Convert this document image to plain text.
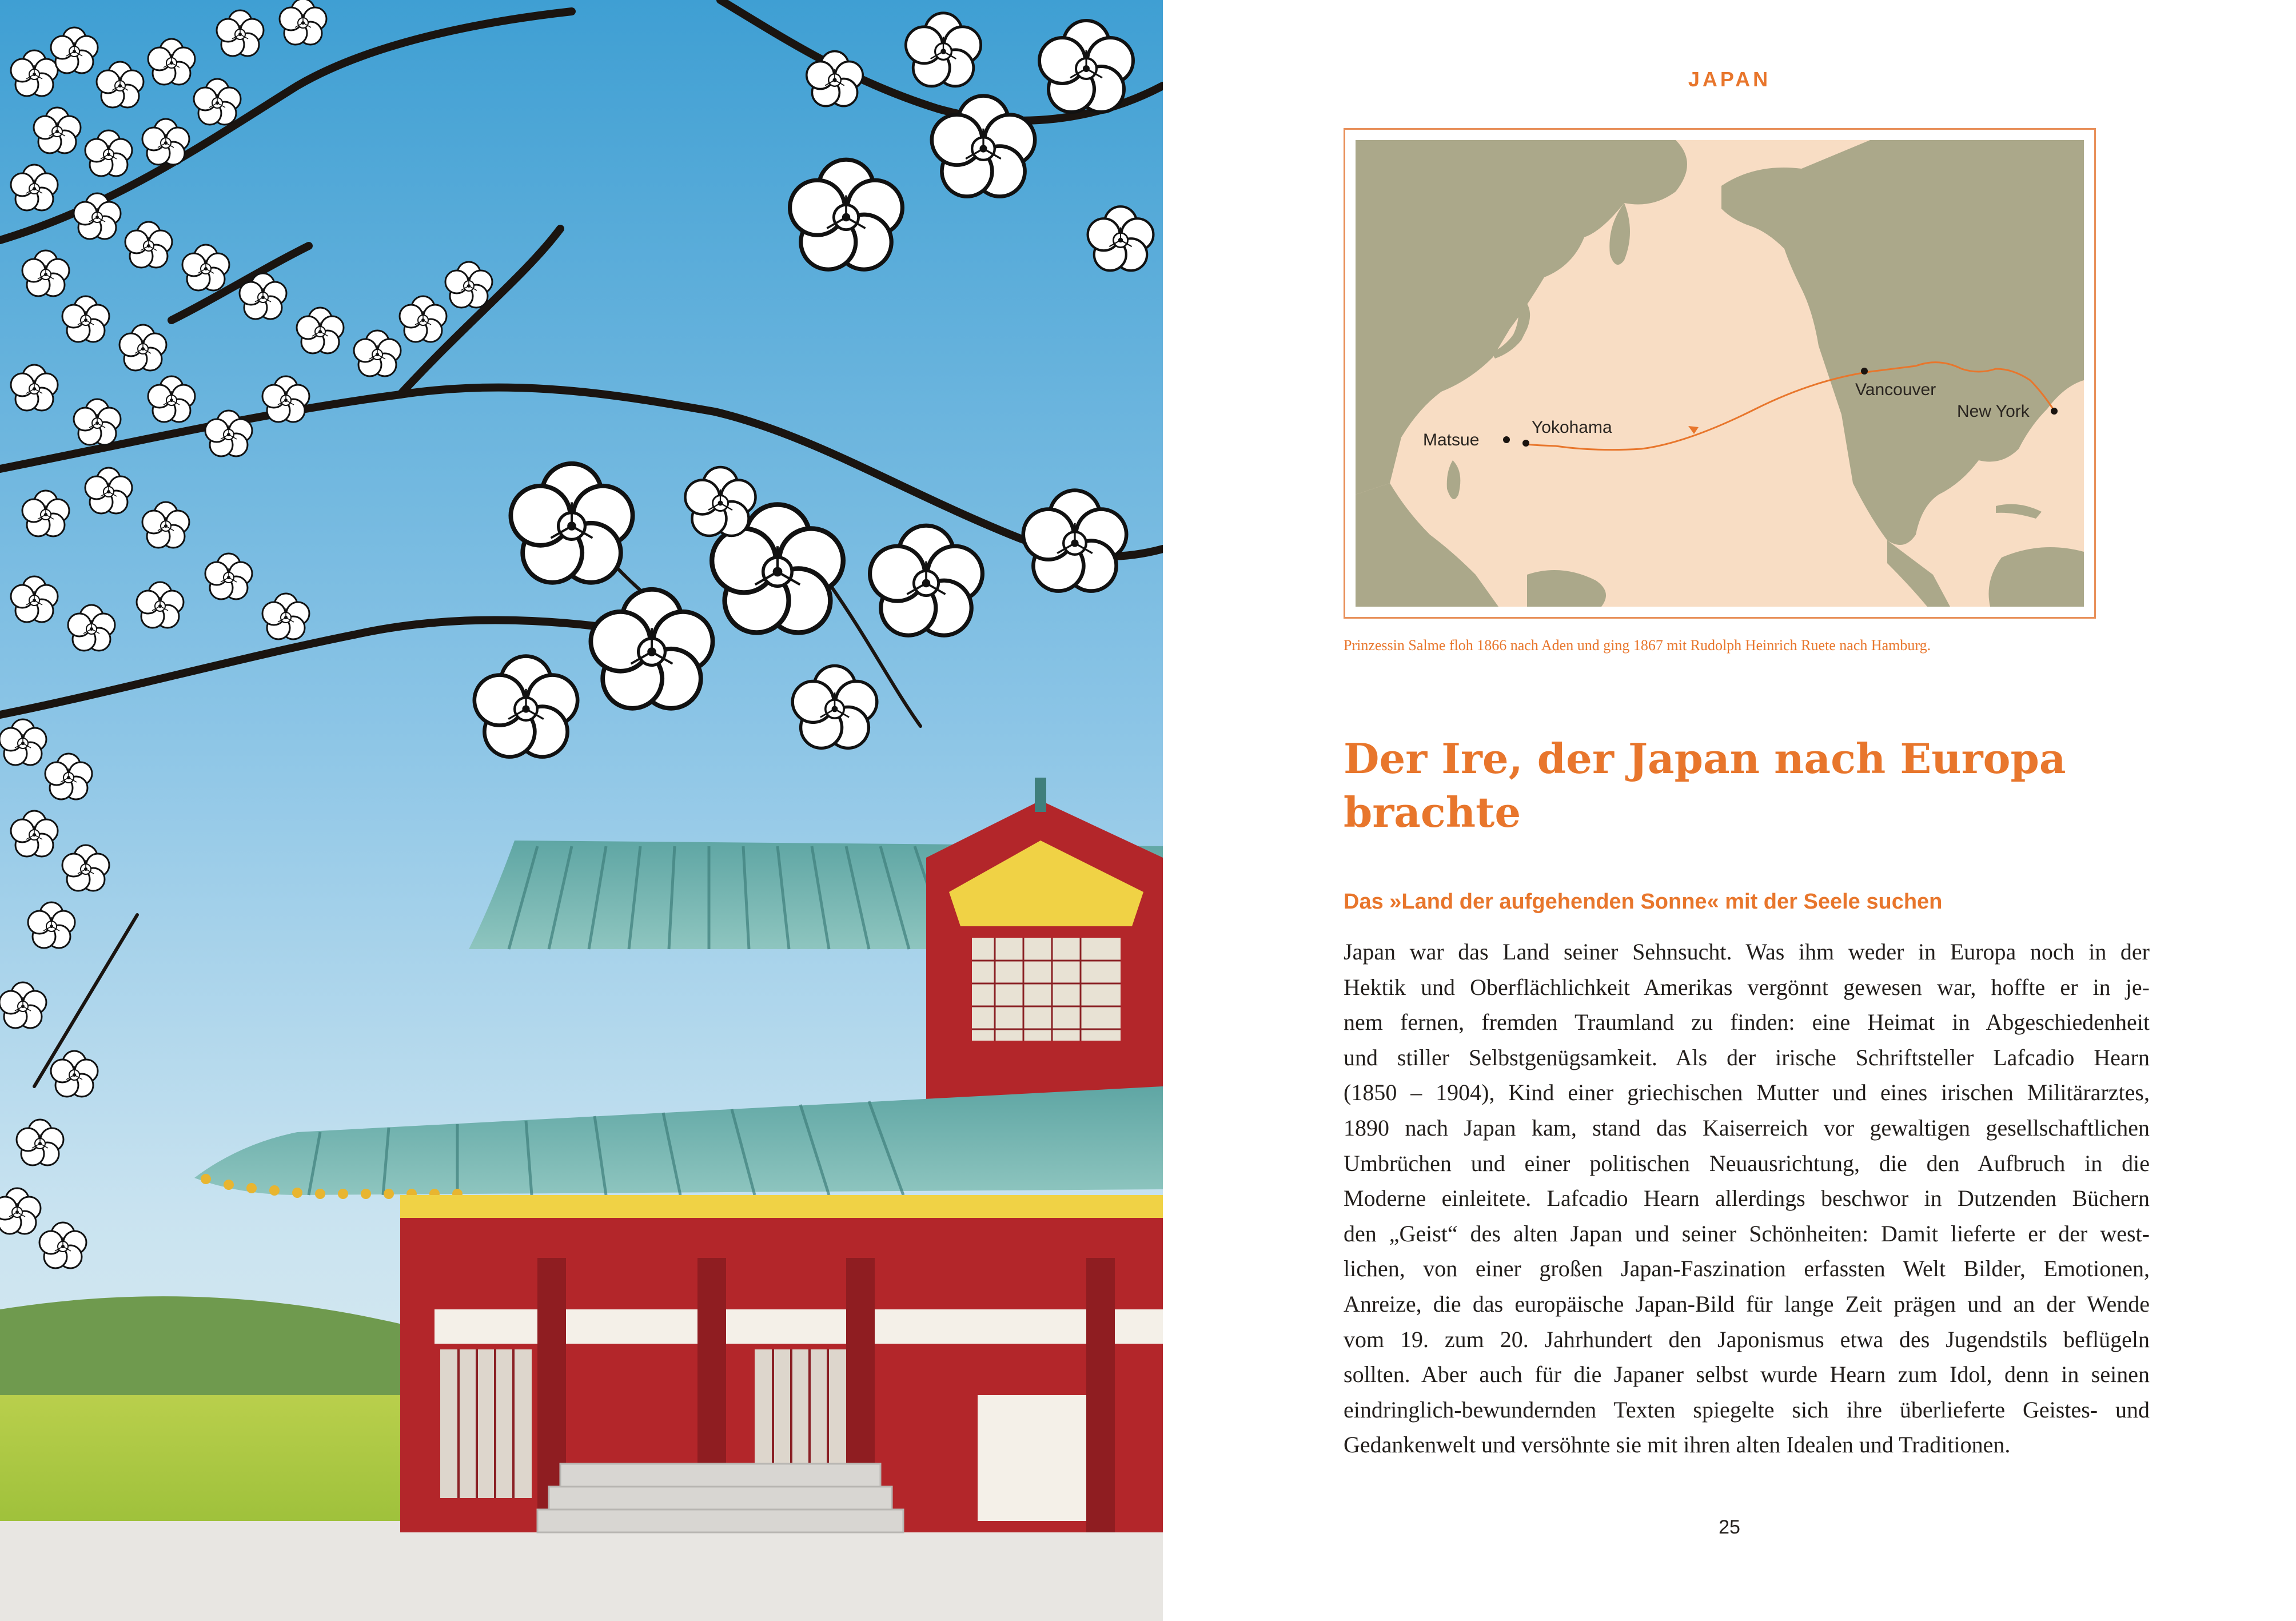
JAPAN
Matsue
Yokohama
Vancouver
New York
Prinzessin Salme floh 1866 nach Aden und ging 1867 mit Rudolph Heinrich Ruete nach Hamburg.
Der Ire, der Japan nach Europa
brachte
Das »Land der aufgehenden Sonne« mit der Seele suchen
Japan war das Land seiner Sehnsucht. Was ihm weder in Europa noch in der
Hektik und Oberflächlichkeit Amerikas vergönnt gewesen war, hoffte er in je-
nem fernen, fremden Traumland zu finden: eine Heimat in Abgeschiedenheit
und stiller Selbstgenügsamkeit. Als der irische Schriftsteller Lafcadio Hearn
(1850 – 1904), Kind einer griechischen Mutter und eines irischen Militärarztes,
1890 nach Japan kam, stand das Kaiserreich vor gewaltigen gesellschaftlichen
Umbrüchen und einer politischen Neuausrichtung, die den Aufbruch in die
Moderne einleitete. Lafcadio Hearn allerdings beschwor in Dutzenden Büchern
den „Geist“ des alten Japan und seiner Schönheiten: Damit lieferte er der west-
lichen, von einer großen Japan-Faszination erfassten Welt Bilder, Emotionen,
Anreize, die das europäische Japan-Bild für lange Zeit prägen und an der Wende
vom 19. zum 20. Jahrhundert den Japonismus etwa des Jugendstils beflügeln
sollten. Aber auch für die Japaner selbst wurde Hearn zum Idol, denn in seinen
eindringlich-bewundernden Texten spiegelte sich ihre überlieferte Geistes- und
Gedankenwelt und versöhnte sie mit ihren alten Idealen und Traditionen.
25
